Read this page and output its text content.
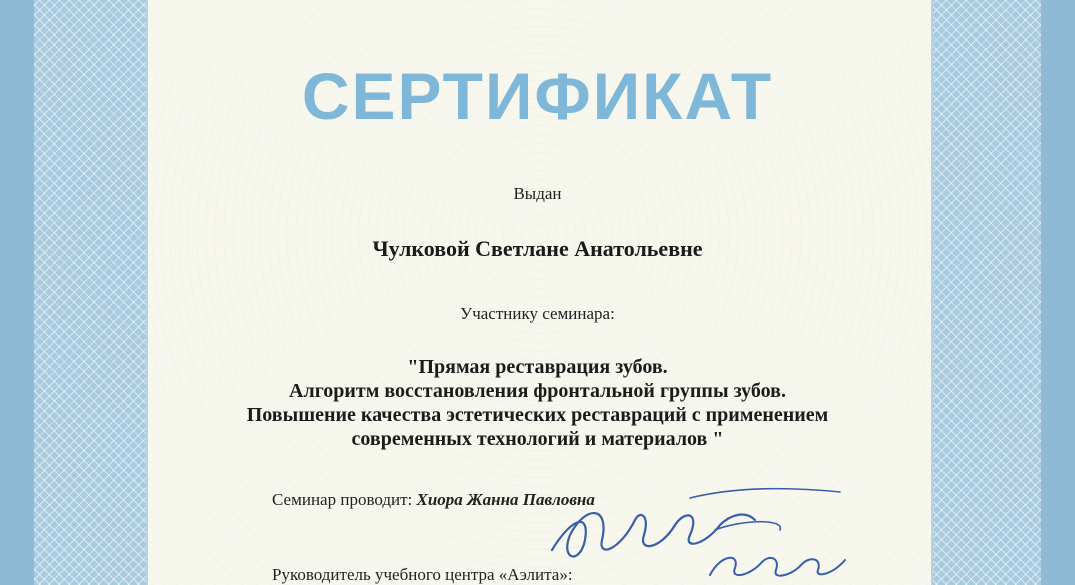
СЕРТИФИКАТ
Выдан
Чулковой Светлане Анатольевне
Участнику семинара:
"Прямая реставрация зубов.
Алгоритм восстановления фронтальной группы зубов.
Повышение качества эстетических реставраций с применением
современных технологий и материалов "
Семинар проводит: Хиора Жанна Павловна
Руководитель учебного центра «Аэлита»:
